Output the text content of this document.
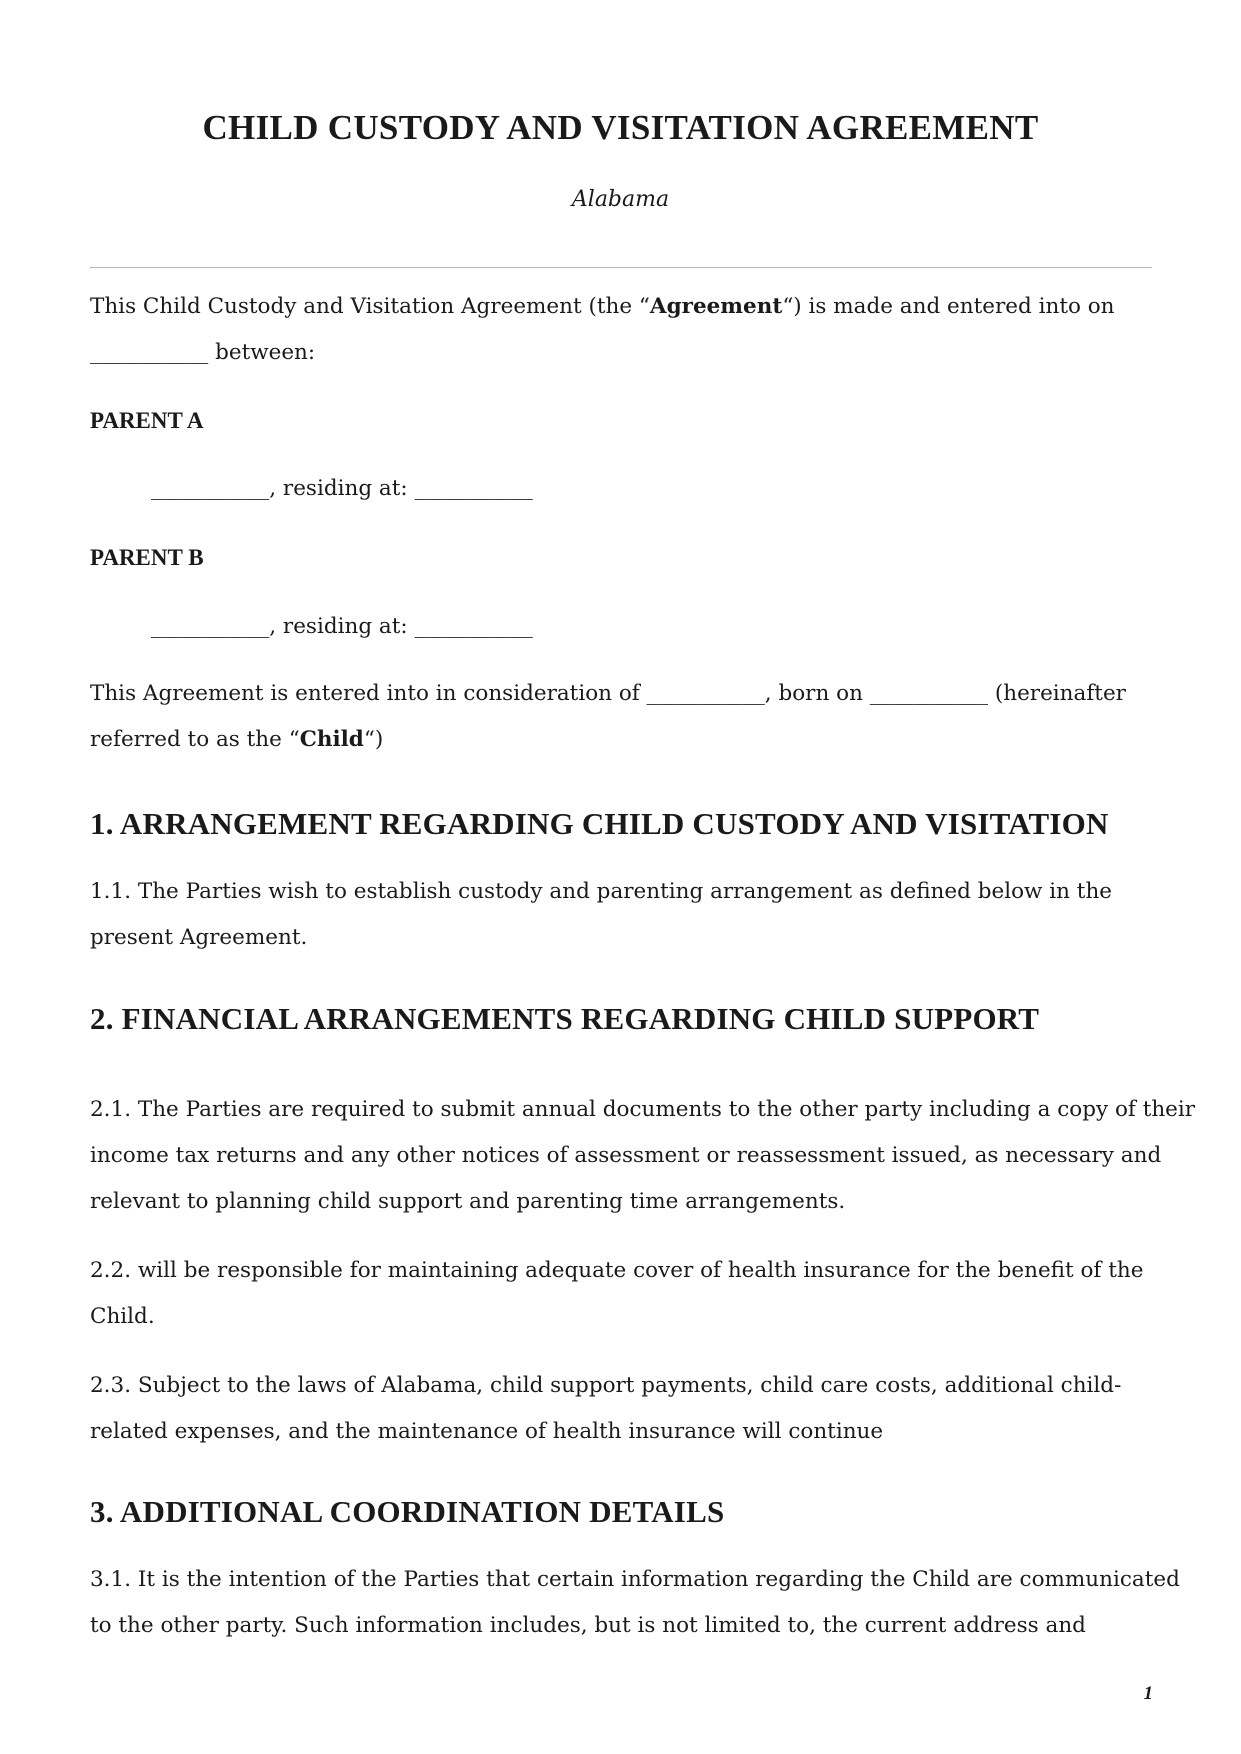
CHILD CUSTODY AND VISITATION AGREEMENT

Alabama

This Child Custody and Visitation Agreement (the “Agreement“) is made and entered into on

___________ between:

PARENT A

___________, residing at: ___________

PARENT B

___________, residing at: ___________

This Agreement is entered into in consideration of ___________, born on ___________ (hereinafter

referred to as the “Child“)

1. ARRANGEMENT REGARDING CHILD CUSTODY AND VISITATION

1.1. The Parties wish to establish custody and parenting arrangement as defined below in the

present Agreement.

2. FINANCIAL ARRANGEMENTS REGARDING CHILD SUPPORT

2.1. The Parties are required to submit annual documents to the other party including a copy of their

income tax returns and any other notices of assessment or reassessment issued, as necessary and

relevant to planning child support and parenting time arrangements.

2.2. will be responsible for maintaining adequate cover of health insurance for the benefit of the

Child.

2.3. Subject to the laws of Alabama, child support payments, child care costs, additional child-

related expenses, and the maintenance of health insurance will continue

3. ADDITIONAL COORDINATION DETAILS

3.1. It is the intention of the Parties that certain information regarding the Child are communicated

to the other party. Such information includes, but is not limited to, the current address and

1
